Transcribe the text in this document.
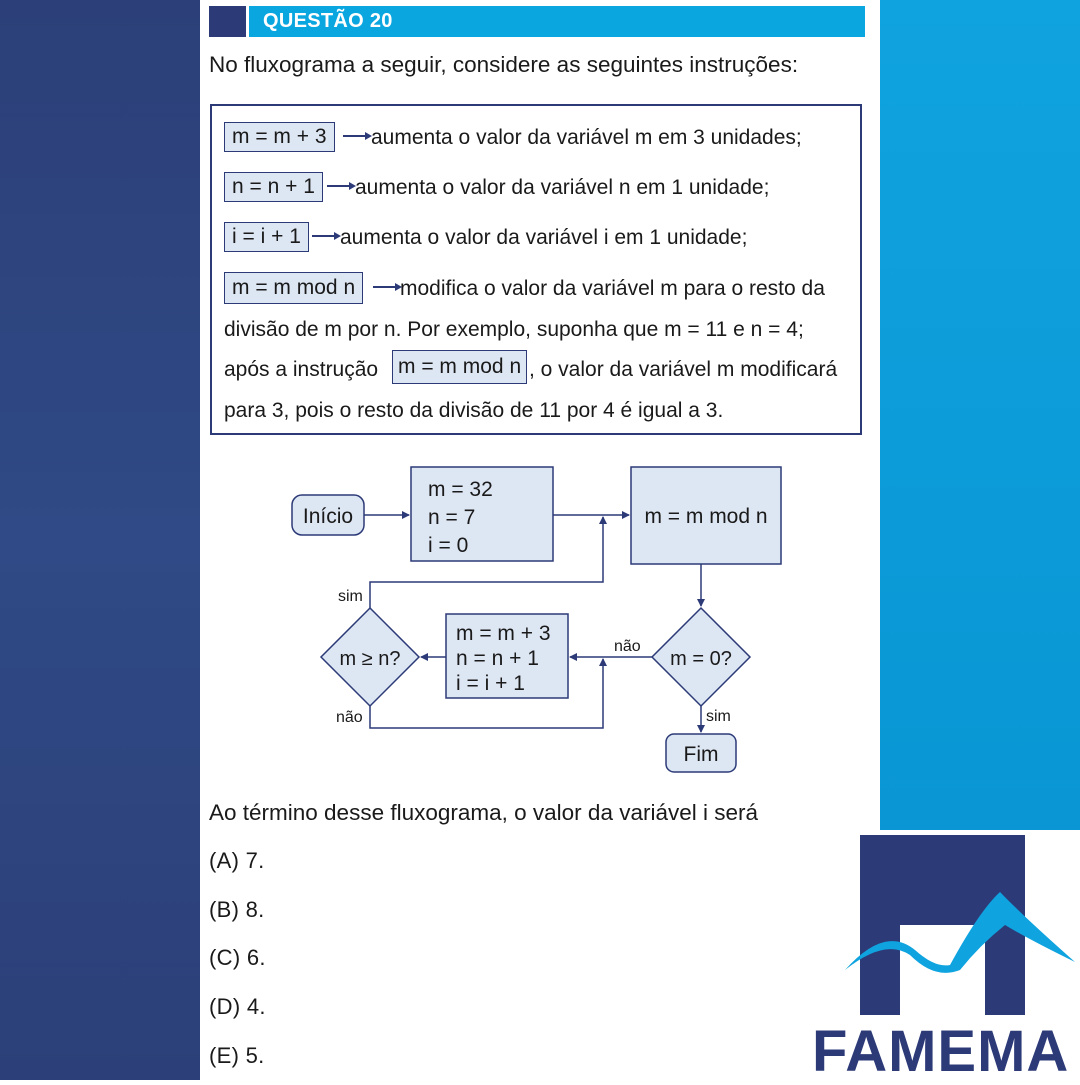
QUESTÃO 20
No fluxograma a seguir, considere as seguintes instruções:
m = m + 3	aumenta o valor da variável m em 3 unidades;
n = n + 1	aumenta o valor da variável n em 1 unidade;
i = i + 1	aumenta o valor da variável i em 1 unidade;
m = m mod n	modifica o valor da variável m para o resto da
divisão de m por n. Por exemplo, suponha que m = 11 e n = 4;
após a instrução m = m mod n , o valor da variável m modificará
para 3, pois o resto da divisão de 11 por 4 é igual a 3.
Início
m = 32
n = 7
i = 0
m = m mod n
m = 0?
m = m + 3
n = n + 1
i = i + 1
m ≥ n?
Fim
sim
não
não
sim
Ao término desse fluxograma, o valor da variável i será
(A) 7.
(B) 8.
(C) 6.
(D) 4.
(E) 5.	FAMEMA
